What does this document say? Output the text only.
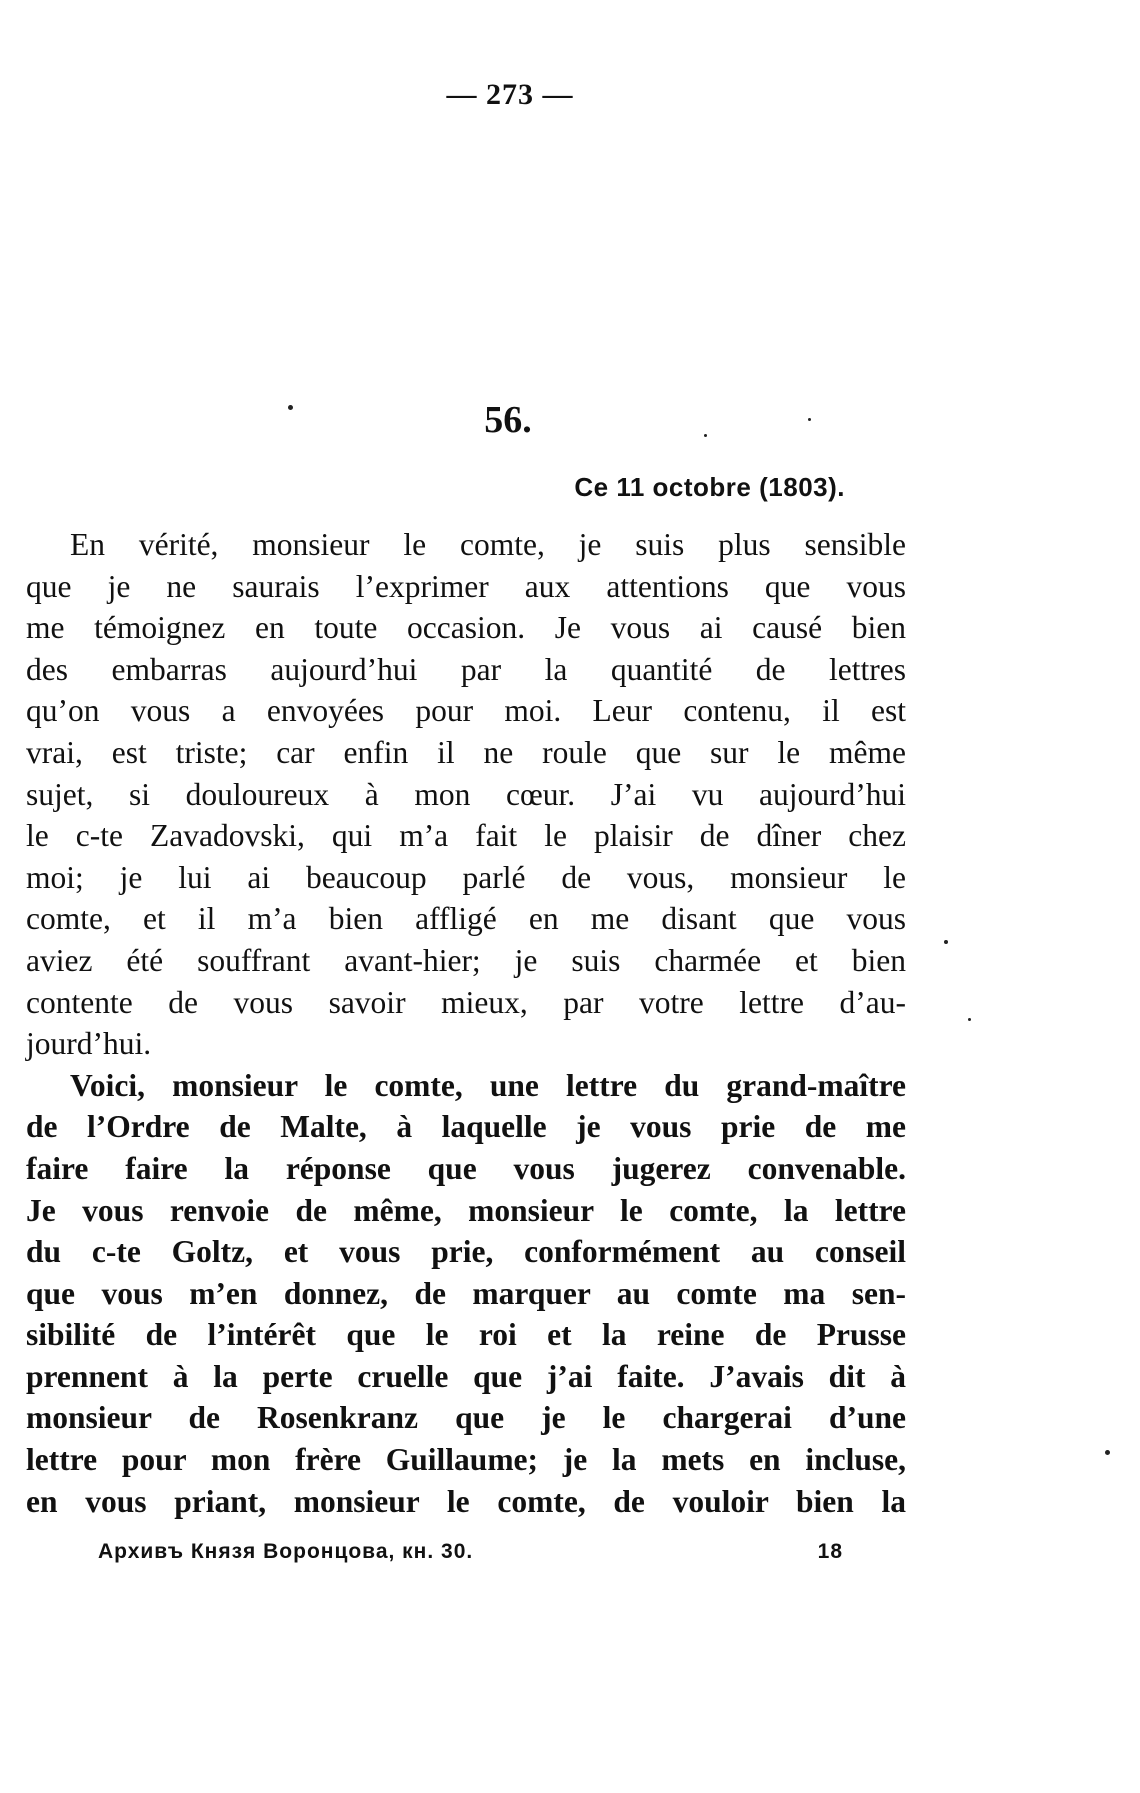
— 273 —
56.
Ce 11 octobre (1803).
En vérité, monsieur le comte, je suis plus sensible
que je ne saurais l’exprimer aux attentions que vous
me témoignez en toute occasion. Je vous ai causé bien
des embarras aujourd’hui par la quantité de lettres
qu’on vous a envoyées pour moi. Leur contenu, il est
vrai, est triste; car enfin il ne roule que sur le même
sujet, si douloureux à mon cœur. J’ai vu aujourd’hui
le c-te Zavadovski, qui m’a fait le plaisir de dîner chez
moi; je lui ai beaucoup parlé de vous, monsieur le
comte, et il m’a bien affligé en me disant que vous
aviez été souffrant avant-hier; je suis charmée et bien
contente de vous savoir mieux, par votre lettre d’au-
jourd’hui.
Voici, monsieur le comte, une lettre du grand-maître
de l’Ordre de Malte, à laquelle je vous prie de me
faire faire la réponse que vous jugerez convenable.
Je vous renvoie de même, monsieur le comte, la lettre
du c-te Goltz, et vous prie, conformément au conseil
que vous m’en donnez, de marquer au comte ma sen-
sibilité de l’intérêt que le roi et la reine de Prusse
prennent à la perte cruelle que j’ai faite. J’avais dit à
monsieur de Rosenkranz que je le chargerai d’une
lettre pour mon frère Guillaume; je la mets en incluse,
en vous priant, monsieur le comte, de vouloir bien la
Архивъ Князя Воронцова, кн. 30.	18
